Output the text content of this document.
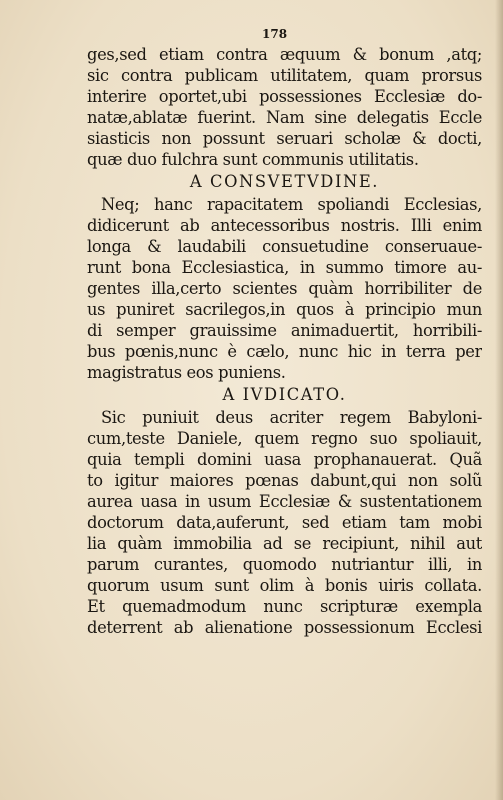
178
ges,sed etiam contra æquum & bonum ,atq;
sic contra publicam utilitatem, quam prorsus
interire oportet,ubi possessiones Ecclesiæ do-
natæ,ablatæ fuerint. Nam sine delegatis Eccle
siasticis non possunt seruari scholæ & docti,
quæ duo fulchra sunt communis utilitatis.
A CONSVETVDINE.
Neq; hanc rapacitatem spoliandi Ecclesias,
didicerunt ab antecessoribus nostris. Illi enim
longa & laudabili consuetudine conseruaue-
runt bona Ecclesiastica, in summo timore au-
gentes illa,certo scientes quàm horribiliter de
us puniret sacrilegos,in quos à principio mun
di semper grauissime animaduertit, horribili-
bus pœnis,nunc è cælo, nunc hic in terra per
magistratus eos puniens.
A IVDICATO.
Sic puniuit deus acriter regem Babyloni-
cum,teste Daniele, quem regno suo spoliauit,
quia templi domini uasa prophanauerat. Quã
to igitur maiores pœnas dabunt,qui non solũ
aurea uasa in usum Ecclesiæ & sustentationem
doctorum data,auferunt, sed etiam tam mobi
lia quàm immobilia ad se recipiunt, nihil aut
parum curantes, quomodo nutriantur illi, in
quorum usum sunt olim à bonis uiris collata.
Et quemadmodum nunc scripturæ exempla
deterrent ab alienatione possessionum Ecclesi
